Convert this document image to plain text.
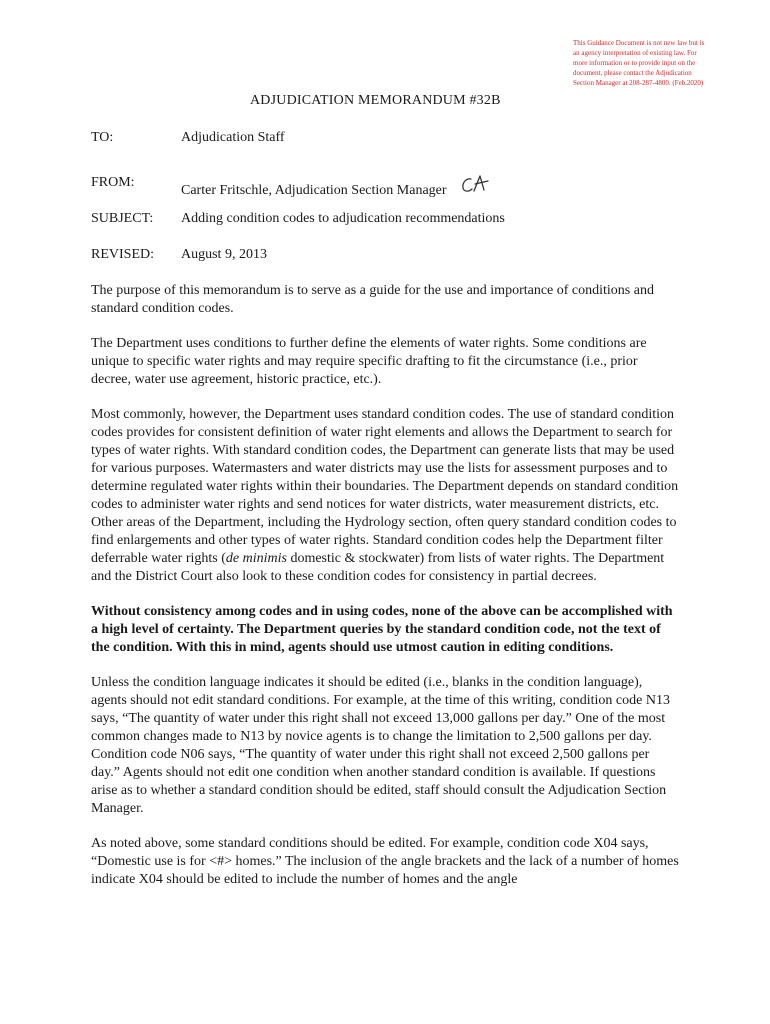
This Guidance Document is not new law but is an agency interpretation of existing law. For more information or to provide input on the document, please contact the Adjudication Section Manager at 208-287-4800. (Feb.2020)
ADJUDICATION MEMORANDUM #32B
TO:	Adjudication Staff
FROM:
Carter Fritschle, Adjudication Section Manager
SUBJECT: Adding condition codes to adjudication recommendations
REVISED: August 9, 2013

The purpose of this memorandum is to serve as a guide for the use and importance of conditions and standard condition codes.

The Department uses conditions to further define the elements of water rights. Some conditions are unique to specific water rights and may require specific drafting to fit the circumstance (i.e., prior decree, water use agreement, historic practice, etc.).

Most commonly, however, the Department uses standard condition codes. The use of standard condition codes provides for consistent definition of water right elements and allows the Department to search for types of water rights. With standard condition codes, the Department can generate lists that may be used for various purposes. Watermasters and water districts may use the lists for assessment purposes and to determine regulated water rights within their boundaries. The Department depends on standard condition codes to administer water rights and send notices for water districts, water measurement districts, etc. Other areas of the Department, including the Hydrology section, often query standard condition codes to find enlargements and other types of water rights. Standard condition codes help the Department filter deferrable water rights (de minimis domestic & stockwater) from lists of water rights. The Department and the District Court also look to these condition codes for consistency in partial decrees.

Without consistency among codes and in using codes, none of the above can be accomplished with a high level of certainty. The Department queries by the standard condition code, not the text of the condition. With this in mind, agents should use utmost caution in editing conditions.

Unless the condition language indicates it should be edited (i.e., blanks in the condition language), agents should not edit standard conditions. For example, at the time of this writing, condition code N13 says, “The quantity of water under this right shall not exceed 13,000 gallons per day.” One of the most common changes made to N13 by novice agents is to change the limitation to 2,500 gallons per day. Condition code N06 says, “The quantity of water under this right shall not exceed 2,500 gallons per day.” Agents should not edit one condition when another standard condition is available. If questions arise as to whether a standard condition should be edited, staff should consult the Adjudication Section Manager.

As noted above, some standard conditions should be edited. For example, condition code X04 says, “Domestic use is for <#> homes.” The inclusion of the angle brackets and the lack of a number of homes indicate X04 should be edited to include the number of homes and the angle
